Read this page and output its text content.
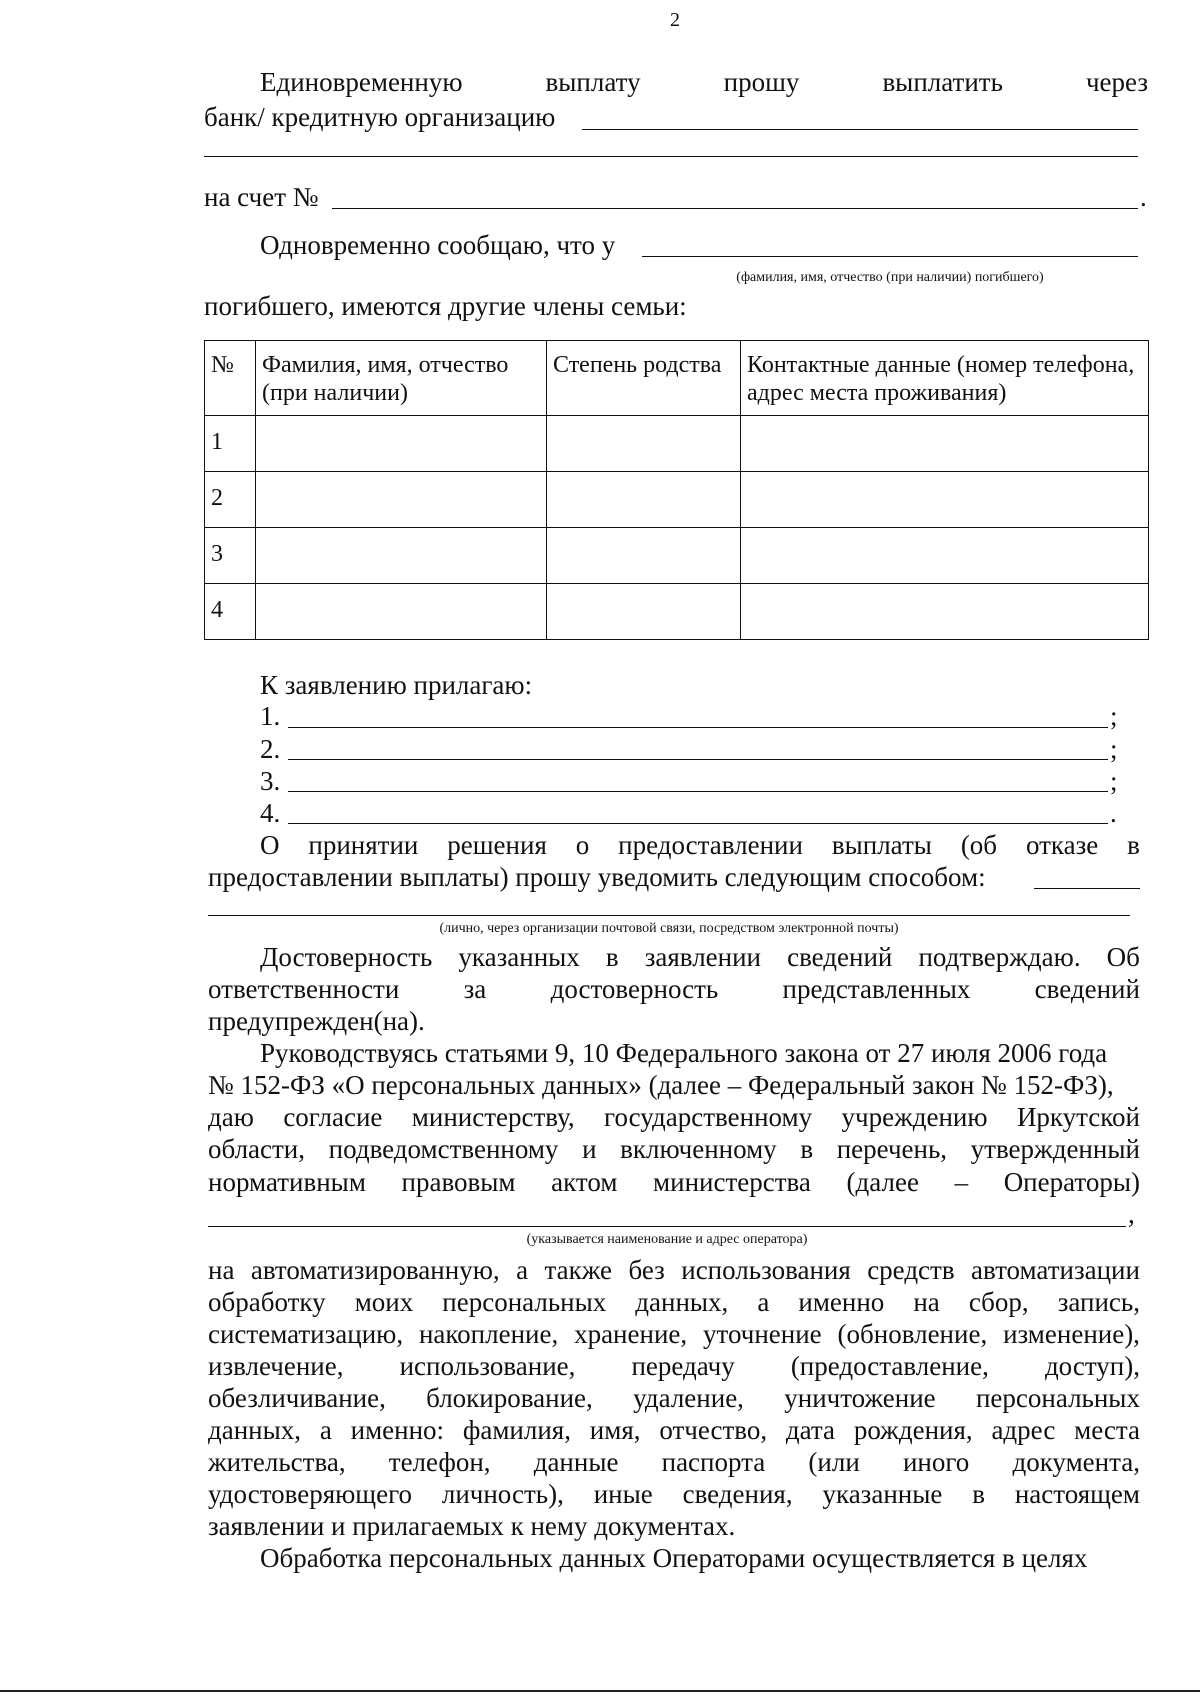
2
Единовременную	выплату	прошу	выплатить	через
банк/ кредитную организацию
на счет №	.
Одновременно сообщаю, что у
(фамилия, имя, отчество (при наличии) погибшего)
погибшего, имеются другие члены семьи:
№	Фамилия, имя, отчество (при наличии)	Степень родства	Контактные данные (номер телефона, адрес места проживания)
1			
2			
3			
4			
К заявлению прилагаю:
1.	;
2.	;
3.	;
4.	.
О принятии решения о предоставлении выплаты (об отказе в
предоставлении выплаты) прошу уведомить следующим способом:
(лично, через организации почтовой связи, посредством электронной почты)
Достоверность указанных в заявлении сведений подтверждаю. Об
ответственности за достоверность представленных сведений
предупрежден(на).
Руководствуясь статьями 9, 10 Федерального закона от 27 июля 2006 года
№ 152-ФЗ «О персональных данных» (далее – Федеральный закон № 152-ФЗ),
даю согласие министерству, государственному учреждению Иркутской
области, подведомственному и включенному в перечень, утвержденный
нормативным правовым актом министерства (далее – Операторы)
,
(указывается наименование и адрес оператора)
на автоматизированную, а также без использования средств автоматизации
обработку моих персональных данных, а именно на сбор, запись,
систематизацию, накопление, хранение, уточнение (обновление, изменение),
извлечение, использование, передачу (предоставление, доступ),
обезличивание, блокирование, удаление, уничтожение персональных
данных, а именно: фамилия, имя, отчество, дата рождения, адрес места
жительства, телефон, данные паспорта (или иного документа,
удостоверяющего личность), иные сведения, указанные в настоящем
заявлении и прилагаемых к нему документах.
Обработка персональных данных Операторами осуществляется в целях
